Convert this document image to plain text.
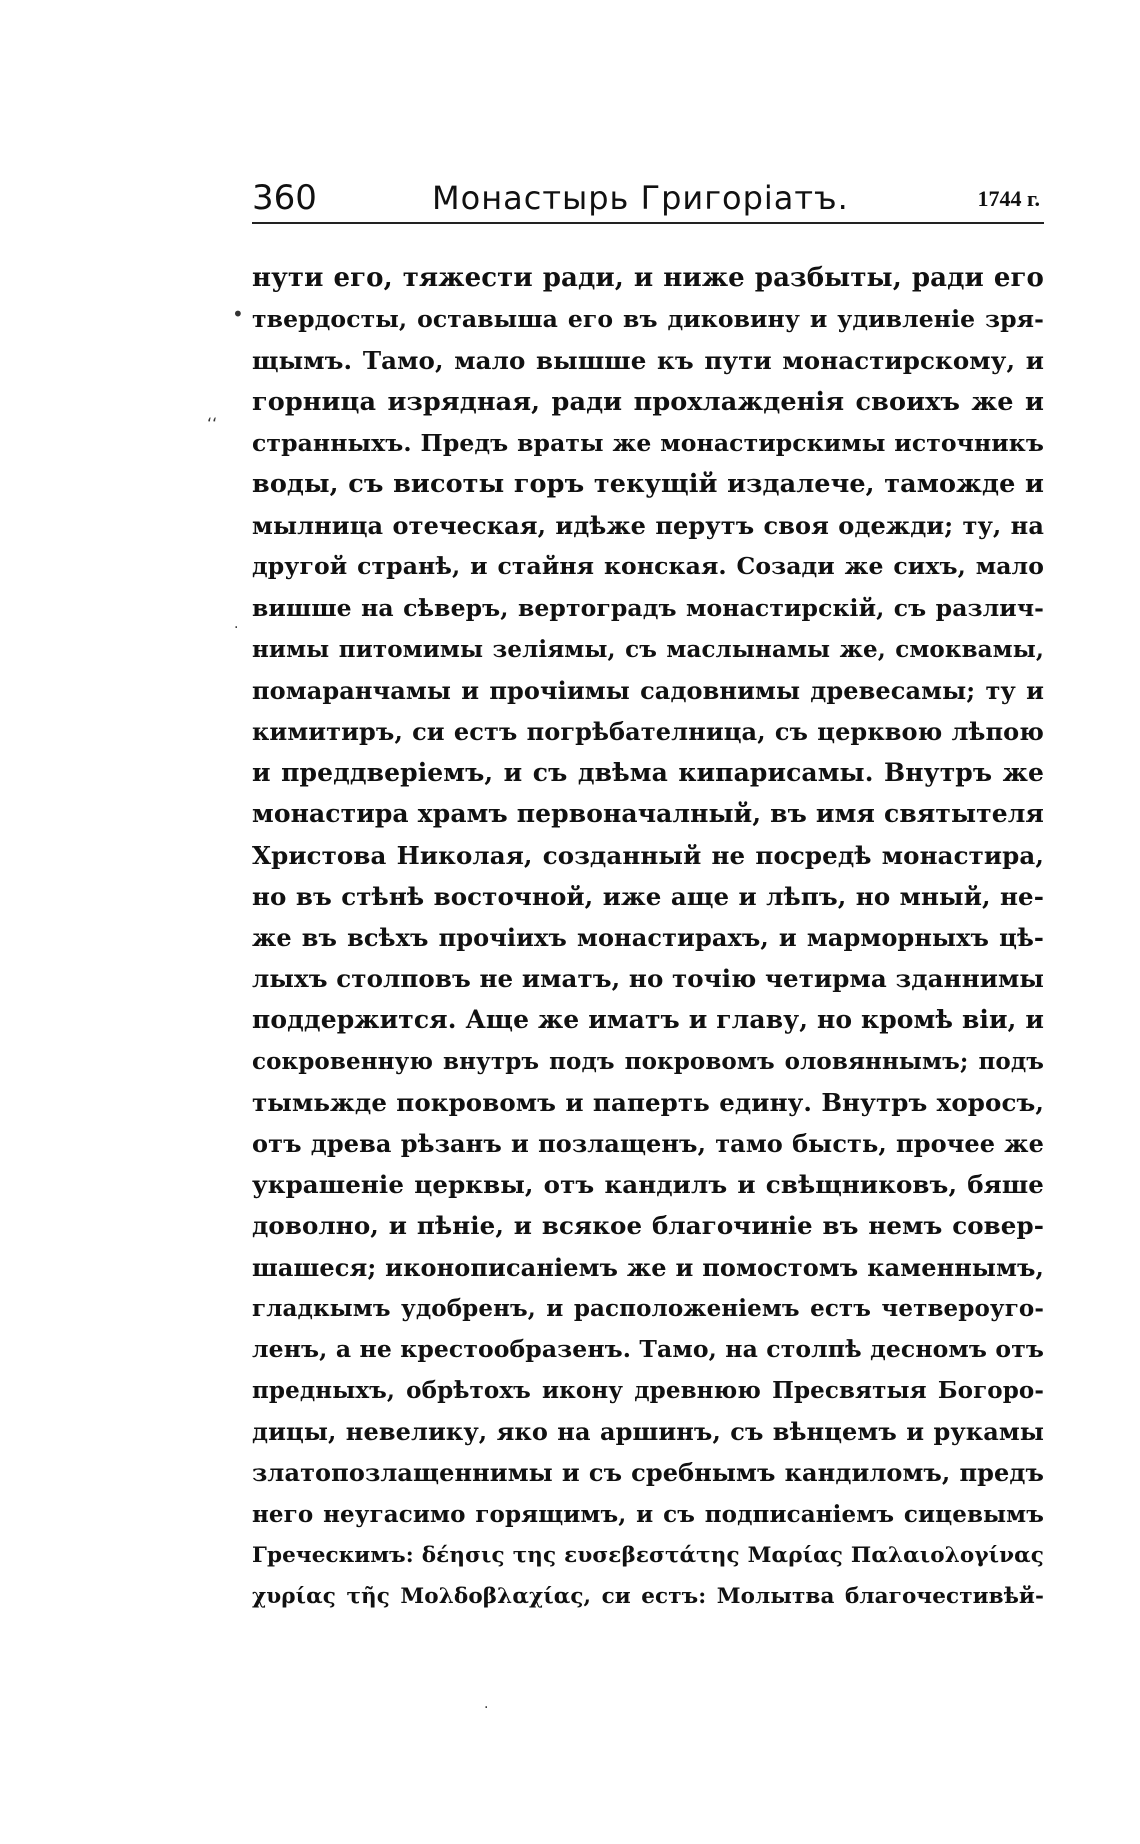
360	Монастырь Григоріатъ.	1744 г.
•
‘‘
·
·
нути его, тяжести ради, и ниже разбыты, ради его
твердосты, оставыша его въ диковину и удивленіе зря-
щымъ. Тамо, мало вышше къ пути монастирскому, и
горница изрядная, ради прохлажденія своихъ же и
странныхъ. Предъ враты же монастирскимы источникъ
воды, съ висоты горъ текущій издалече, тамождe и
мылница отеческая, идѣже перутъ своя одежди; ту, на
другой странѣ, и стайня конская. Созади же сихъ, мало
вишше на сѣверъ, вертоградъ монастирскій, съ различ-
нимы питомимы зеліямы, съ маслынамы же, смоквамы,
помаранчамы и прочіимы садовнимы древесамы; ту и
кимитиръ, си естъ погрѣбателница, съ церквою лѣпою
и преддверіемъ, и съ двѣма кипарисамы. Внутръ же
монастира храмъ первоначалный, въ имя святытеля
Христова Николая, созданный не посредѣ монастира,
но въ стѣнѣ восточной, иже аще и лѣпъ, но мный, не-
же въ всѣхъ прочіихъ монастирахъ, и марморныхъ цѣ-
лыхъ столповъ не иматъ, но точію четирма зданнимы
поддержится. Аще же иматъ и главу, но кромѣ віи, и
сокровенную внутръ подъ покровомъ оловяннымъ; подъ
тымьжде покровомъ и паперть едину. Внутръ хоросъ,
отъ древа рѣзанъ и позлащенъ, тамо бысть, прочее же
украшеніе церквы, отъ кандилъ и свѣщниковъ, бяше
доволно, и пѣніе, и всякое благочиніе въ немъ совер-
шашеся; иконописаніемъ же и помостомъ каменнымъ,
гладкымъ удобренъ, и расположеніемъ естъ четвероуго-
ленъ, а не крестообразенъ. Тамо, на столпѣ десномъ отъ
предныхъ, обрѣтохъ икону древнюю Пресвятыя Богоро-
дицы, невелику, яко на аршинъ, съ вѣнцемъ и рукамы
златопозлащеннимы и съ сребнымъ кандиломъ, предъ
него неугасимо горящимъ, и съ подписаніемъ сицевымъ
Греческимъ: δέησις της ευσεβεστάτης Μαρίας Παλαιολογίνας
χυρίας τῆς Μολδοβλαχίας, си естъ: Молытва благочестивѣй-
